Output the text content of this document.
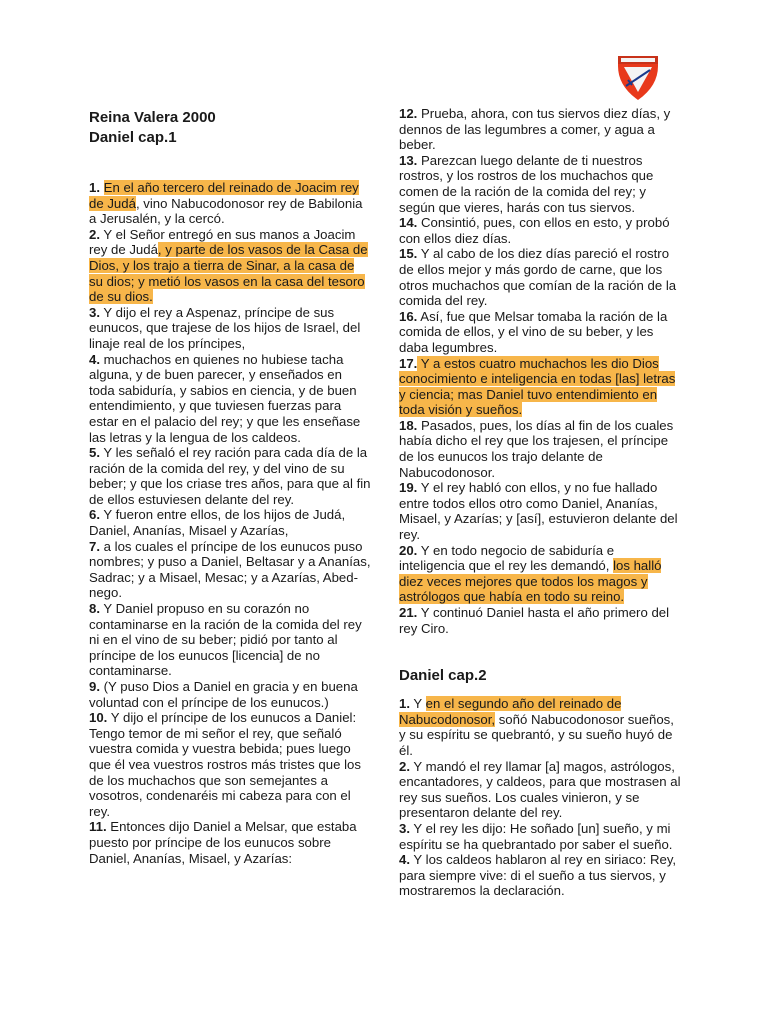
Reina Valera 2000
Daniel cap.1

1. En el año tercero del reinado de Joacim rey de Judá, vino Nabucodonosor rey de Babilonia a Jerusalén, y la cercó.

2. Y el Señor entregó en sus manos a Joacim rey de Judá, y parte de los vasos de la Casa de Dios, y los trajo a tierra de Sinar, a la casa de su dios; y metió los vasos en la casa del tesoro de su dios.

3. Y dijo el rey a Aspenaz, príncipe de sus eunucos, que trajese de los hijos de Israel, del linaje real de los príncipes,

4. muchachos en quienes no hubiese tacha alguna, y de buen parecer, y enseñados en toda sabiduría, y sabios en ciencia, y de buen entendimiento, y que tuviesen fuerzas para estar en el palacio del rey; y que les enseñase las letras y la lengua de los caldeos.

5. Y les señaló el rey ración para cada día de la ración de la comida del rey, y del vino de su beber; y que los criase tres años, para que al fin de ellos estuviesen delante del rey.

6. Y fueron entre ellos, de los hijos de Judá, Daniel, Ananías, Misael y Azarías,

7. a los cuales el príncipe de los eunucos puso nombres; y puso a Daniel, Beltasar y a Ananías, Sadrac; y a Misael, Mesac; y a Azarías, Abed-nego.

8. Y Daniel propuso en su corazón no contaminarse en la ración de la comida del rey ni en el vino de su beber; pidió por tanto al príncipe de los eunucos [licencia] de no contaminarse.

9. (Y puso Dios a Daniel en gracia y en buena voluntad con el príncipe de los eunucos.)

10. Y dijo el príncipe de los eunucos a Daniel: Tengo temor de mi señor el rey, que señaló vuestra comida y vuestra bebida; pues luego que él vea vuestros rostros más tristes que los de los muchachos que son semejantes a vosotros, condenaréis mi cabeza para con el rey.

11. Entonces dijo Daniel a Melsar, que estaba puesto por príncipe de los eunucos sobre Daniel, Ananías, Misael, y Azarías:

12. Prueba, ahora, con tus siervos diez días, y dennos de las legumbres a comer, y agua a beber.

13. Parezcan luego delante de ti nuestros rostros, y los rostros de los muchachos que comen de la ración de la comida del rey; y según que vieres, harás con tus siervos.

14. Consintió, pues, con ellos en esto, y probó con ellos diez días.

15. Y al cabo de los diez días pareció el rostro de ellos mejor y más gordo de carne, que los otros muchachos que comían de la ración de la comida del rey.

16. Así, fue que Melsar tomaba la ración de la comida de ellos, y el vino de su beber, y les daba legumbres.

17. Y a estos cuatro muchachos les dio Dios conocimiento e inteligencia en todas [las] letras y ciencia; mas Daniel tuvo entendimiento en toda visión y sueños.

18. Pasados, pues, los días al fin de los cuales había dicho el rey que los trajesen, el príncipe de los eunucos los trajo delante de Nabucodonosor.

19. Y el rey habló con ellos, y no fue hallado entre todos ellos otro como Daniel, Ananías, Misael, y Azarías; y [así], estuvieron delante del rey.

20. Y en todo negocio de sabiduría e inteligencia que el rey les demandó, los halló diez veces mejores que todos los magos y astrólogos que había en todo su reino.

21. Y continuó Daniel hasta el año primero del rey Ciro.

Daniel cap.2

1. Y en el segundo año del reinado de Nabucodonosor, soñó Nabucodonosor sueños, y su espíritu se quebrantó, y su sueño huyó de él.

2. Y mandó el rey llamar [a] magos, astrólogos, encantadores, y caldeos, para que mostrasen al rey sus sueños. Los cuales vinieron, y se presentaron delante del rey.

3. Y el rey les dijo: He soñado [un] sueño, y mi espíritu se ha quebrantado por saber el sueño.

4. Y los caldeos hablaron al rey en siriaco: Rey, para siempre vive: di el sueño a tus siervos, y mostraremos la declaración.
